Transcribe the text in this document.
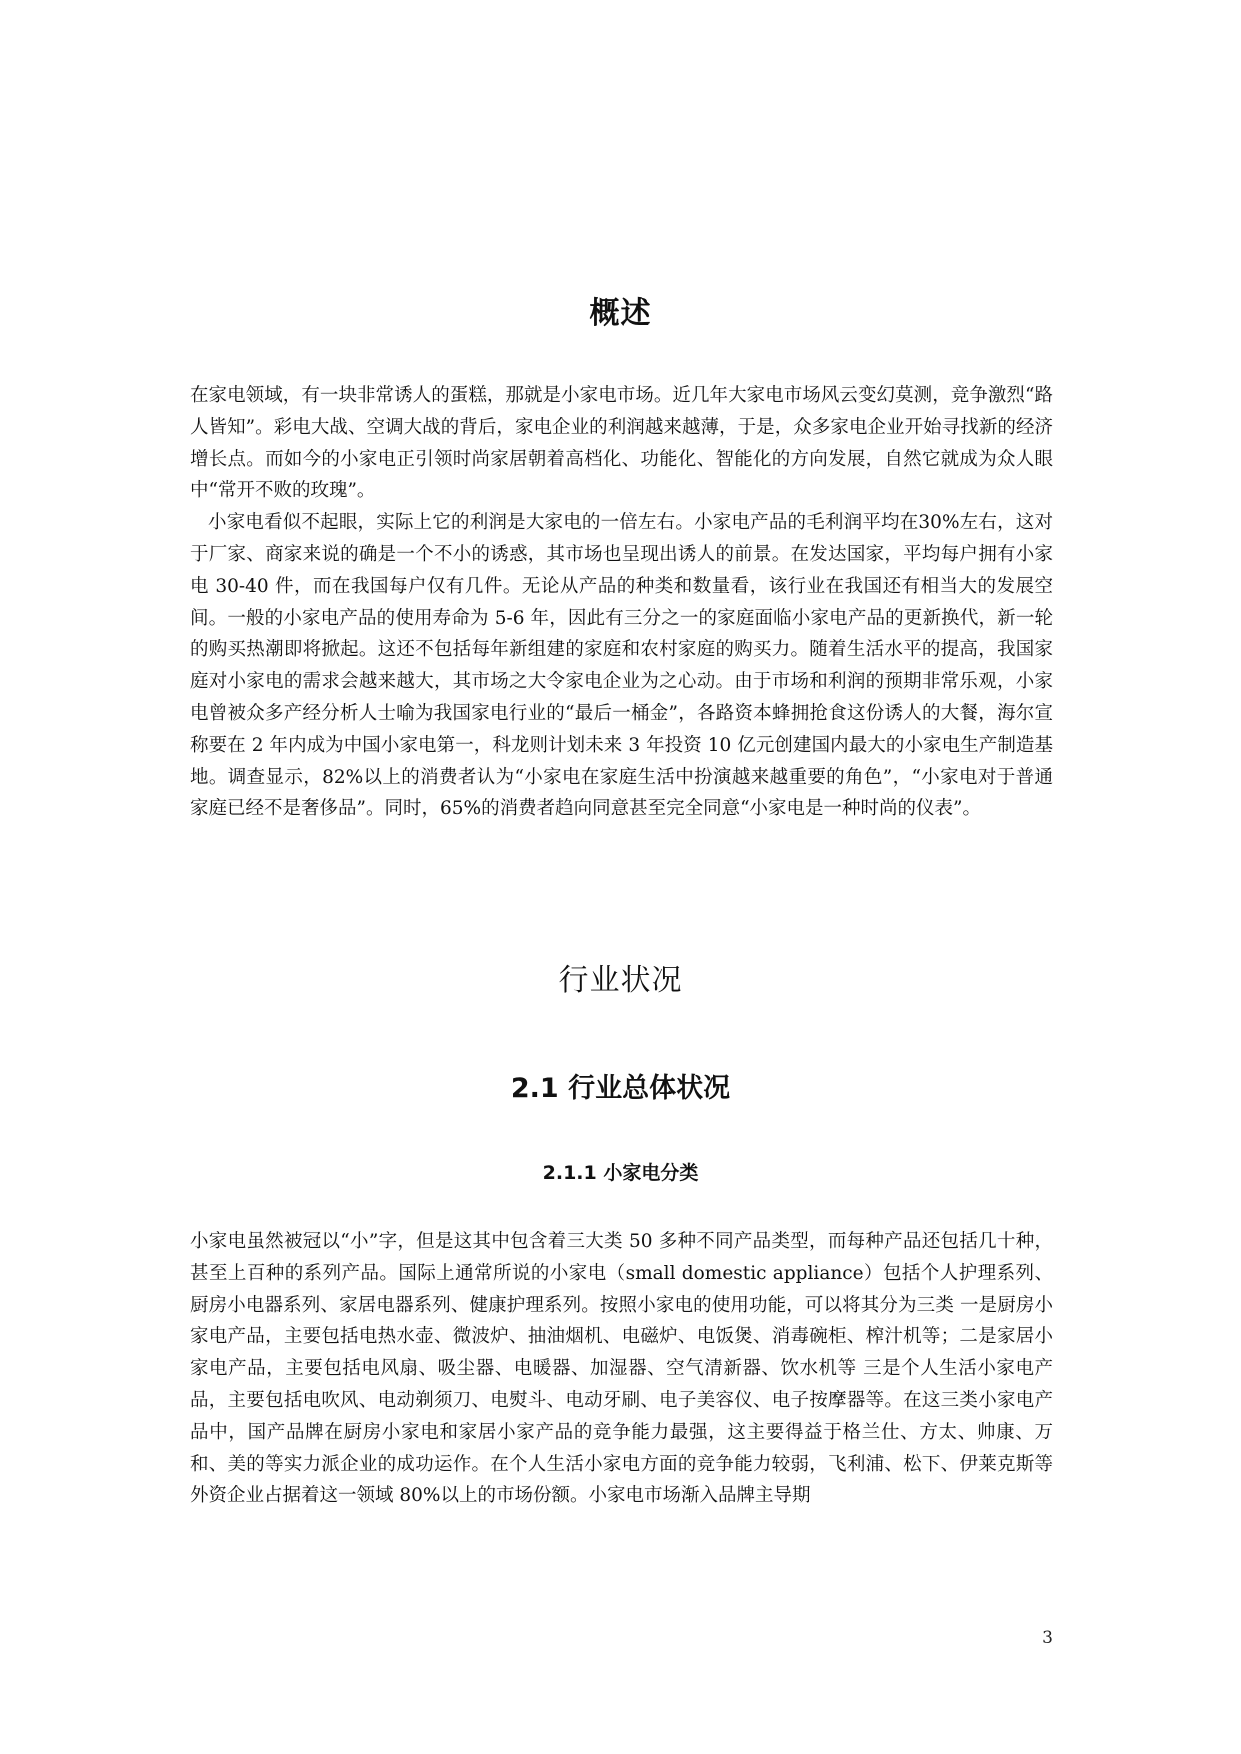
概述

在家电领域，有一块非常诱人的蛋糕，那就是小家电市场。近几年大家电市场风云变幻莫测，竞争激烈“路人皆知”。彩电大战、空调大战的背后，家电企业的利润越来越薄，于是，众多家电企业开始寻找新的经济增长点。而如今的小家电正引领时尚家居朝着高档化、功能化、智能化的方向发展，自然它就成为众人眼中“常开不败的玫瑰”。

小家电看似不起眼，实际上它的利润是大家电的一倍左右。小家电产品的毛利润平均在30%左右，这对于厂家、商家来说的确是一个不小的诱惑，其市场也呈现出诱人的前景。在发达国家，平均每户拥有小家电 30-40 件，而在我国每户仅有几件。无论从产品的种类和数量看，该行业在我国还有相当大的发展空间。一般的小家电产品的使用寿命为 5-6 年，因此有三分之一的家庭面临小家电产品的更新换代，新一轮的购买热潮即将掀起。这还不包括每年新组建的家庭和农村家庭的购买力。随着生活水平的提高，我国家庭对小家电的需求会越来越大，其市场之大令家电企业为之心动。由于市场和利润的预期非常乐观，小家电曾被众多产经分析人士喻为我国家电行业的“最后一桶金”，各路资本蜂拥抢食这份诱人的大餐，海尔宣称要在 2 年内成为中国小家电第一，科龙则计划未来 3 年投资 10 亿元创建国内最大的小家电生产制造基地。调查显示，82%以上的消费者认为“小家电在家庭生活中扮演越来越重要的角色”，“小家电对于普通家庭已经不是奢侈品”。同时，65%的消费者趋向同意甚至完全同意“小家电是一种时尚的仪表”。

行业状况
2.1 行业总体状况
2.1.1 小家电分类

小家电虽然被冠以“小”字，但是这其中包含着三大类 50 多种不同产品类型，而每种产品还包括几十种，甚至上百种的系列产品。国际上通常所说的小家电（small domestic appliance）包括个人护理系列、厨房小电器系列、家居电器系列、健康护理系列。按照小家电的使用功能，可以将其分为三类 一是厨房小家电产品，主要包括电热水壶、微波炉、抽油烟机、电磁炉、电饭煲、消毒碗柜、榨汁机等；二是家居小家电产品，主要包括电风扇、吸尘器、电暖器、加湿器、空气清新器、饮水机等 三是个人生活小家电产品，主要包括电吹风、电动剃须刀、电熨斗、电动牙刷、电子美容仪、电子按摩器等。在这三类小家电产品中，国产品牌在厨房小家电和家居小家产品的竞争能力最强，这主要得益于格兰仕、方太、帅康、万和、美的等实力派企业的成功运作。在个人生活小家电方面的竞争能力较弱，飞利浦、松下、伊莱克斯等外资企业占据着这一领域 80%以上的市场份额。小家电市场渐入品牌主导期

3
